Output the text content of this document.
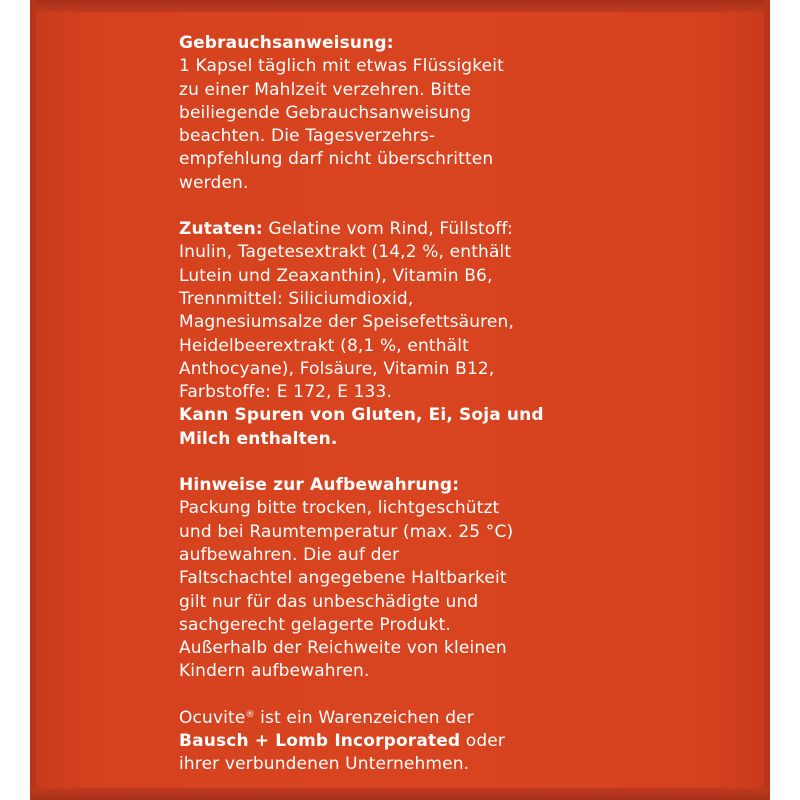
Gebrauchsanweisung:
1 Kapsel täglich mit etwas Flüssigkeit
zu einer Mahlzeit verzehren. Bitte
beiliegende Gebrauchsanweisung
beachten. Die Tagesverzehrs-
empfehlung darf nicht überschritten
werden.
Zutaten: Gelatine vom Rind, Füllstoff:
Inulin, Tagetesextrakt (14,2 %, enthält
Lutein und Zeaxanthin), Vitamin B6,
Trennmittel: Siliciumdioxid,
Magnesiumsalze der Speisefettsäuren,
Heidelbeerextrakt (8,1 %, enthält
Anthocyane), Folsäure, Vitamin B12,
Farbstoffe: E 172, E 133.
Kann Spuren von Gluten, Ei, Soja und
Milch enthalten.
Hinweise zur Aufbewahrung:
Packung bitte trocken, lichtgeschützt
und bei Raumtemperatur (max. 25 °C)
aufbewahren. Die auf der
Faltschachtel angegebene Haltbarkeit
gilt nur für das unbeschädigte und
sachgerecht gelagerte Produkt.
Außerhalb der Reichweite von kleinen
Kindern aufbewahren.
Ocuvite® ist ein Warenzeichen der
Bausch + Lomb Incorporated oder
ihrer verbundenen Unternehmen.
